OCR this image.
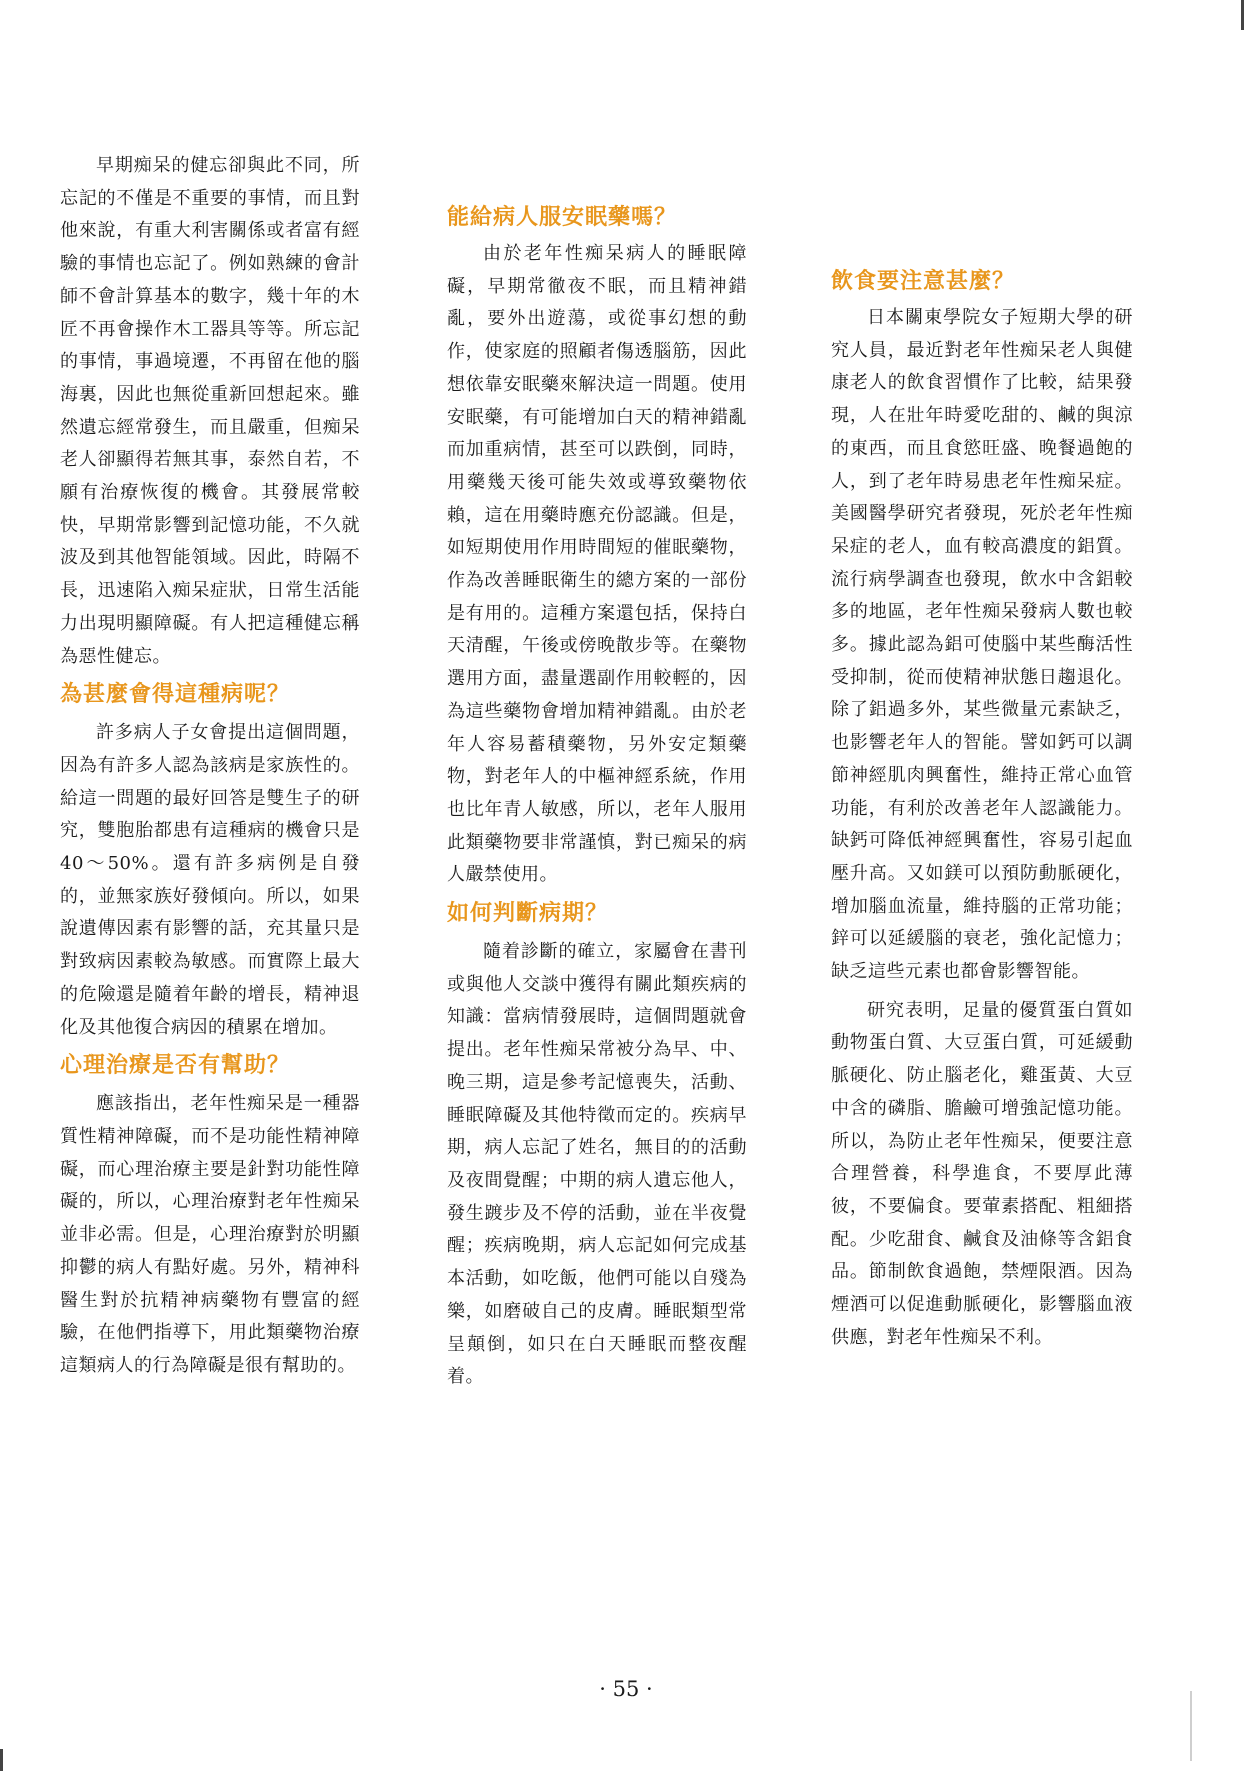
早期痴呆的健忘卻與此不同，所忘記的不僅是不重要的事情，而且對他來說，有重大利害關係或者富有經驗的事情也忘記了。例如熟練的會計師不會計算基本的數字，幾十年的木匠不再會操作木工器具等等。所忘記的事情，事過境遷，不再留在他的腦海裏，因此也無從重新回想起來。雖然遺忘經常發生，而且嚴重，但痴呆老人卻顯得若無其事，泰然自若，不願有治療恢復的機會。其發展常較快，早期常影響到記憶功能，不久就波及到其他智能領域。因此，時隔不長，迅速陷入痴呆症狀，日常生活能力出現明顯障礙。有人把這種健忘稱為惡性健忘。

為甚麼會得這種病呢？

許多病人子女會提出這個問題，因為有許多人認為該病是家族性的。給這一問題的最好回答是雙生子的研究，雙胞胎都患有這種病的機會只是40～50%。還有許多病例是自發的，並無家族好發傾向。所以，如果說遺傳因素有影響的話，充其量只是對致病因素較為敏感。而實際上最大的危險還是隨着年齡的增長，精神退化及其他復合病因的積累在增加。

心理治療是否有幫助？

應該指出，老年性痴呆是一種器質性精神障礙，而不是功能性精神障礙，而心理治療主要是針對功能性障礙的，所以，心理治療對老年性痴呆並非必需。但是，心理治療對於明顯抑鬱的病人有點好處。另外，精神科醫生對於抗精神病藥物有豐富的經驗，在他們指導下，用此類藥物治療這類病人的行為障礙是很有幫助的。

能給病人服安眠藥嗎？

由於老年性痴呆病人的睡眠障礙，早期常徹夜不眠，而且精神錯亂，要外出遊蕩，或從事幻想的動作，使家庭的照顧者傷透腦筋，因此想依靠安眠藥來解決這一問題。使用安眠藥，有可能增加白天的精神錯亂而加重病情，甚至可以跌倒，同時，用藥幾天後可能失效或導致藥物依賴，這在用藥時應充份認識。但是，如短期使用作用時間短的催眠藥物，作為改善睡眠衛生的總方案的一部份是有用的。這種方案還包括，保持白天清醒，午後或傍晚散步等。在藥物選用方面，盡量選副作用較輕的，因為這些藥物會增加精神錯亂。由於老年人容易蓄積藥物，另外安定類藥物，對老年人的中樞神經系統，作用也比年青人敏感，所以，老年人服用此類藥物要非常謹慎，對已痴呆的病人嚴禁使用。

如何判斷病期？

隨着診斷的確立，家屬會在書刊或與他人交談中獲得有關此類疾病的知識：當病情發展時，這個問題就會提出。老年性痴呆常被分為早、中、晚三期，這是參考記憶喪失，活動、睡眠障礙及其他特徵而定的。疾病早期，病人忘記了姓名，無目的的活動及夜間覺醒；中期的病人遺忘他人，發生踱步及不停的活動，並在半夜覺醒；疾病晚期，病人忘記如何完成基本活動，如吃飯，他們可能以自殘為樂，如磨破自己的皮膚。睡眠類型常呈顛倒，如只在白天睡眠而整夜醒着。

飲食要注意甚麼？

日本關東學院女子短期大學的研究人員，最近對老年性痴呆老人與健康老人的飲食習慣作了比較，結果發現，人在壯年時愛吃甜的、鹹的與涼的東西，而且食慾旺盛、晚餐過飽的人，到了老年時易患老年性痴呆症。美國醫學研究者發現，死於老年性痴呆症的老人，血有較高濃度的鋁質。流行病學調查也發現，飲水中含鋁較多的地區，老年性痴呆發病人數也較多。據此認為鋁可使腦中某些酶活性受抑制，從而使精神狀態日趨退化。除了鋁過多外，某些微量元素缺乏，也影響老年人的智能。譬如鈣可以調節神經肌肉興奮性，維持正常心血管功能，有利於改善老年人認識能力。缺鈣可降低神經興奮性，容易引起血壓升高。又如鎂可以預防動脈硬化，增加腦血流量，維持腦的正常功能；鋅可以延緩腦的衰老，強化記憶力；缺乏這些元素也都會影響智能。

研究表明，足量的優質蛋白質如動物蛋白質、大豆蛋白質，可延緩動脈硬化、防止腦老化，雞蛋黃、大豆中含的磷脂、膽鹼可增強記憶功能。所以，為防止老年性痴呆，便要注意合理營養，科學進食，不要厚此薄彼，不要偏食。要葷素搭配、粗細搭配。少吃甜食、鹹食及油條等含鋁食品。節制飲食過飽，禁煙限酒。因為煙酒可以促進動脈硬化，影響腦血液供應，對老年性痴呆不利。

· 55 ·
